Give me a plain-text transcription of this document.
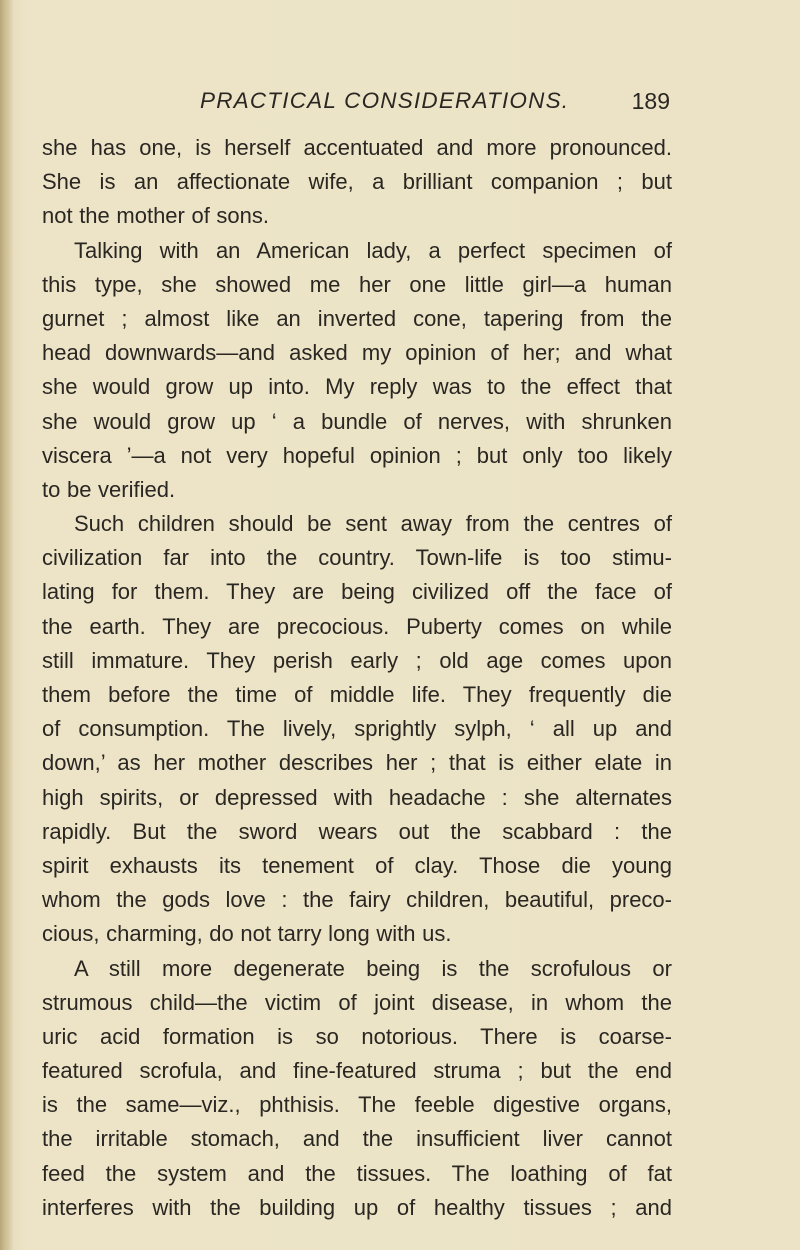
PRACTICAL CONSIDERATIONS.	189
she has one, is herself accentuated and more pronounced.
She is an affectionate wife, a brilliant companion ; but
not the mother of sons.
Talking with an American lady, a perfect specimen of
this type, she showed me her one little girl—a human
gurnet ; almost like an inverted cone, tapering from the
head downwards—and asked my opinion of her; and what
she would grow up into. My reply was to the effect that
she would grow up ‘ a bundle of nerves, with shrunken
viscera ’—a not very hopeful opinion ; but only too likely
to be verified.
Such children should be sent away from the centres of
civilization far into the country. Town-life is too stimu-
lating for them. They are being civilized off the face of
the earth. They are precocious. Puberty comes on while
still immature. They perish early ; old age comes upon
them before the time of middle life. They frequently die
of consumption. The lively, sprightly sylph, ‘ all up and
down,’ as her mother describes her ; that is either elate in
high spirits, or depressed with headache : she alternates
rapidly. But the sword wears out the scabbard : the
spirit exhausts its tenement of clay. Those die young
whom the gods love : the fairy children, beautiful, preco-
cious, charming, do not tarry long with us.
A still more degenerate being is the scrofulous or
strumous child—the victim of joint disease, in whom the
uric acid formation is so notorious. There is coarse-
featured scrofula, and fine-featured struma ; but the end
is the same—viz., phthisis. The feeble digestive organs,
the irritable stomach, and the insufficient liver cannot
feed the system and the tissues. The loathing of fat
interferes with the building up of healthy tissues ; and
